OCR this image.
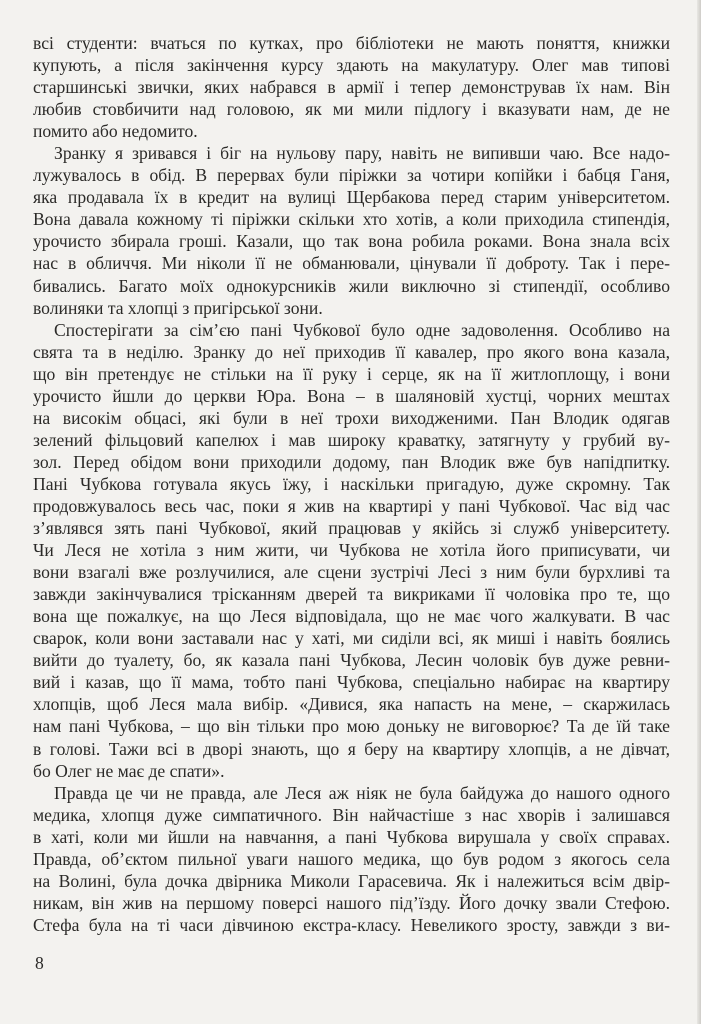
всі студенти: вчаться по кутках, про бібліотеки не мають поняття, книжки
купують, а після закінчення курсу здають на макулатуру. Олег мав типові
старшинські звички, яких набрався в армії і тепер демонстрував їх нам. Він
любив стовбичити над головою, як ми мили підлогу і вказувати нам, де не
помито або недомито.
Зранку я зривався і біг на нульову пару, навіть не випивши чаю. Все надо-
лужувалось в обід. В перервах були піріжки за чотири копійки і бабця Ганя,
яка продавала їх в кредит на вулиці Щербакова перед старим університетом.
Вона давала кожному ті піріжки скільки хто хотів, а коли приходила стипендія,
урочисто збирала гроші. Казали, що так вона робила роками. Вона знала всіх
нас в обличчя. Ми ніколи її не обманювали, цінували її доброту. Так і пере-
бивались. Багато моїх однокурсників жили виключно зі стипендії, особливо
волиняки та хлопці з пригірської зони.
Спостерігати за сім’єю пані Чубкової було одне задоволення. Особливо на
свята та в неділю. Зранку до неї приходив її кавалер, про якого вона казала,
що він претендує не стільки на її руку і серце, як на її житлоплощу, і вони
урочисто йшли до церкви Юра. Вона – в шаляновій хустці, чорних мештах
на високім обцасі, які були в неї трохи виходженими. Пан Влодик одягав
зелений фільцовий капелюх і мав широку краватку, затягнуту у грубий ву-
зол. Перед обідом вони приходили додому, пан Влодик вже був напідпитку.
Пані Чубкова готувала якусь їжу, і наскільки пригадую, дуже скромну. Так
продовжувалось весь час, поки я жив на квартирі у пані Чубкової. Час від час
з’являвся зять пані Чубкової, який працював у якійсь зі служб університету.
Чи Леся не хотіла з ним жити, чи Чубкова не хотіла його приписувати, чи
вони взагалі вже розлучилися, але сцени зустрічі Лесі з ним були бурхливі та
завжди закінчувалися трісканням дверей та викриками її чоловіка про те, що
вона ще пожалкує, на що Леся відповідала, що не має чого жалкувати. В час
сварок, коли вони заставали нас у хаті, ми сиділи всі, як миші і навіть боялись
вийти до туалету, бо, як казала пані Чубкова, Лесин чоловік був дуже ревни-
вий і казав, що її мама, тобто пані Чубкова, спеціально набирає на квартиру
хлопців, щоб Леся мала вибір. «Дивися, яка напасть на мене, – скаржилась
нам пані Чубкова, – що він тільки про мою доньку не виговорює? Та де їй таке
в голові. Тажи всі в дворі знають, що я беру на квартиру хлопців, а не дівчат,
бо Олег не має де спати».
Правда це чи не правда, але Леся аж ніяк не була байдужа до нашого одного
медика, хлопця дуже симпатичного. Він найчастіше з нас хворів і залишався
в хаті, коли ми йшли на навчання, а пані Чубкова вирушала у своїх справах.
Правда, об’єктом пильної уваги нашого медика, що був родом з якогось села
на Волині, була дочка двірника Миколи Гарасевича. Як і належиться всім двір-
никам, він жив на першому поверсі нашого під’їзду. Його дочку звали Стефою.
Стефа була на ті часи дівчиною екстра-класу. Невеликого зросту, завжди з ви-
8
